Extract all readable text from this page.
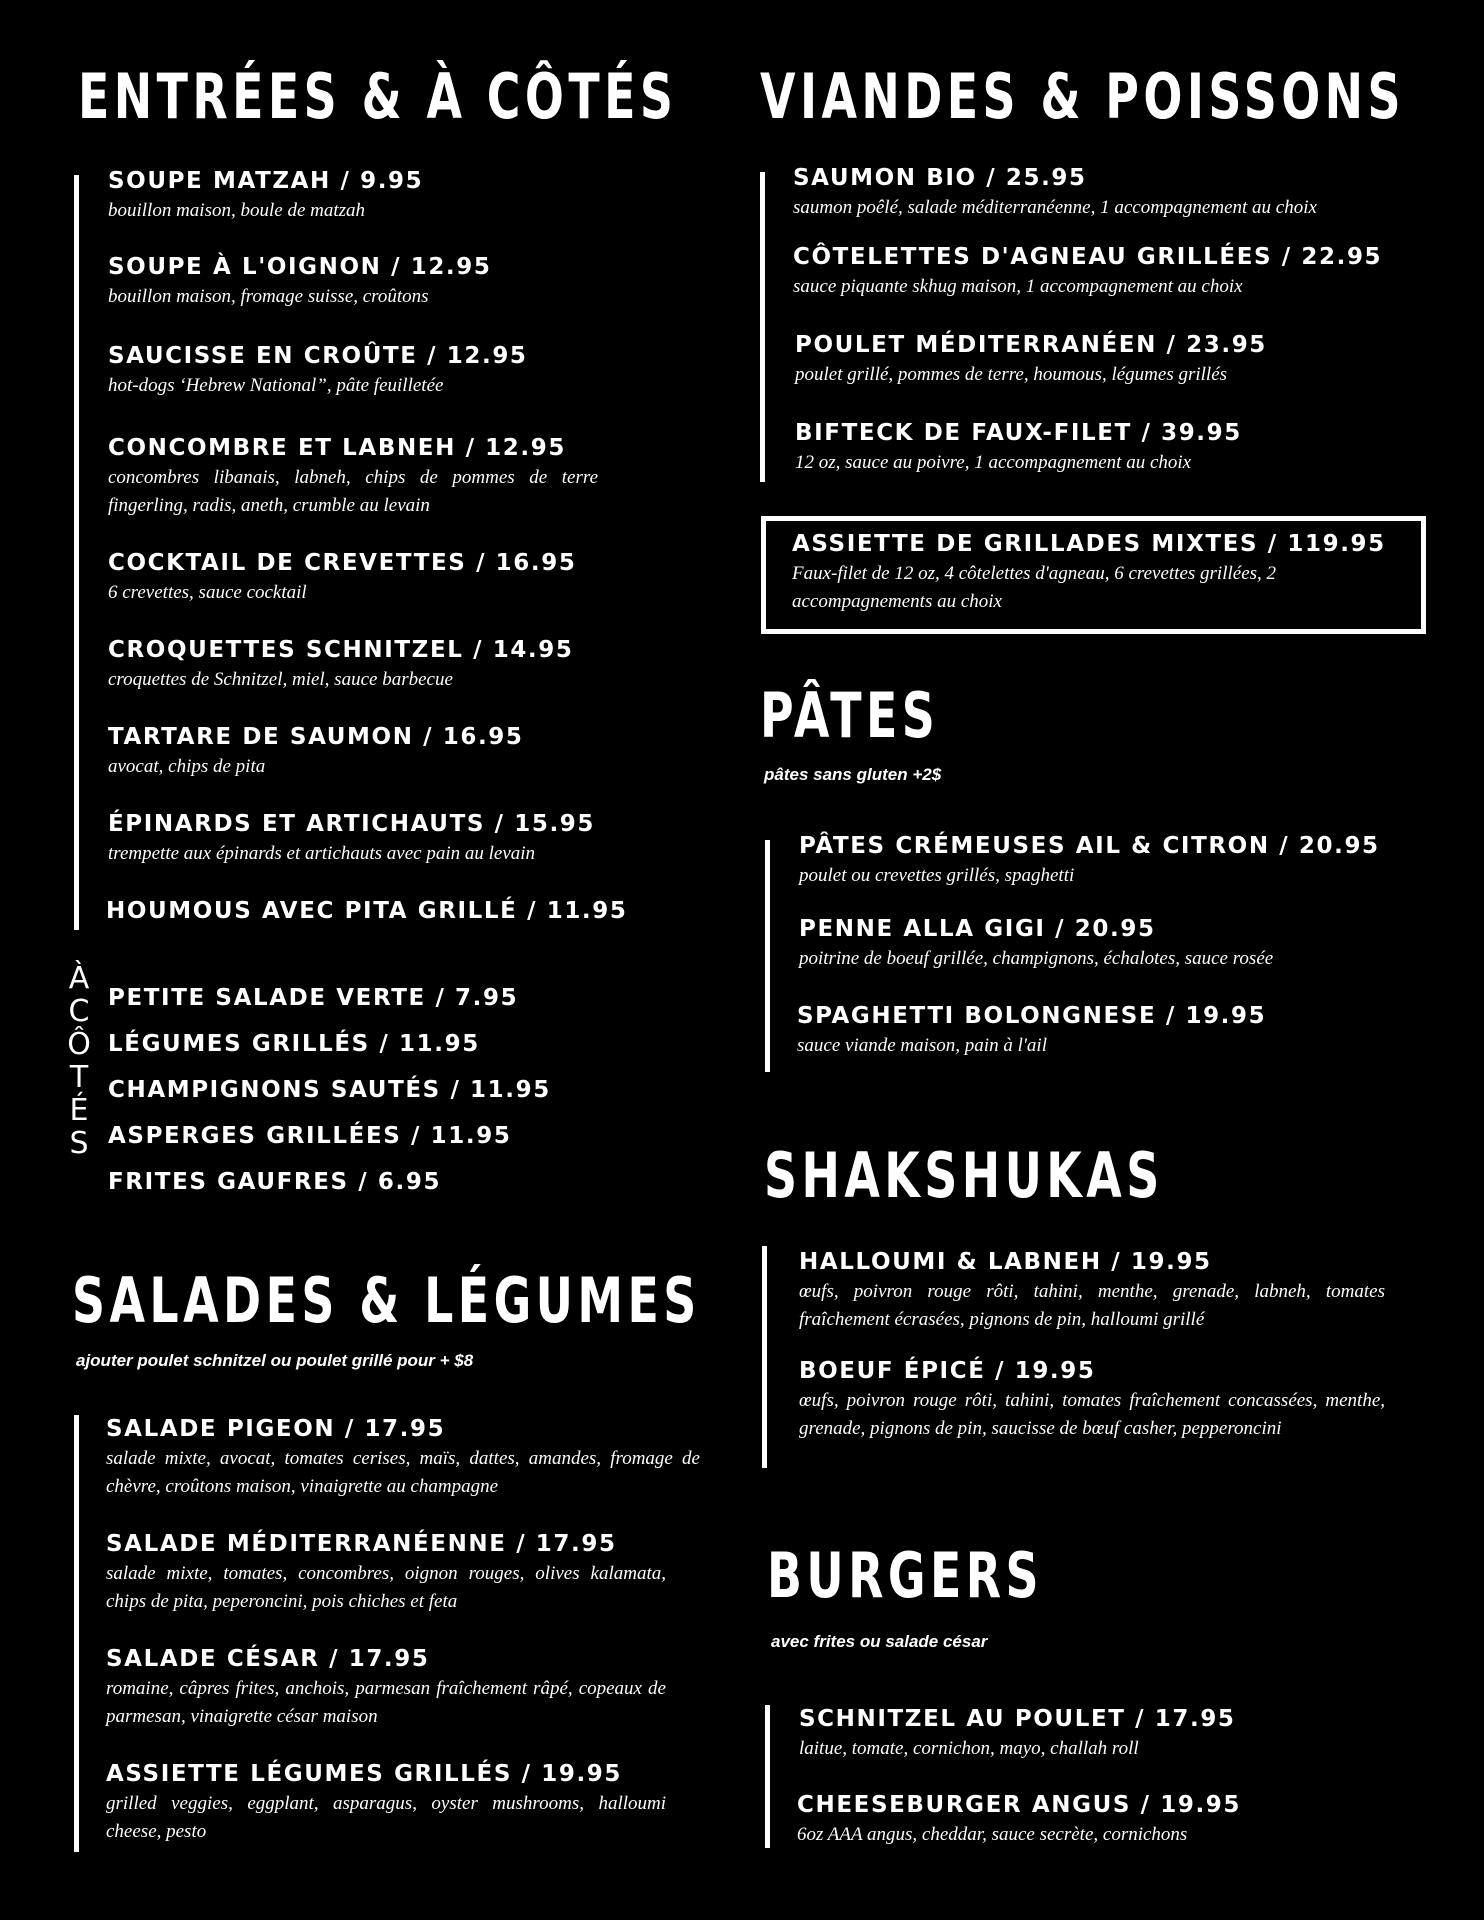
ENTRÉES & À CÔTÉS
SOUPE MATZAH / 9.95
bouillon maison, boule de matzah
SOUPE À L'OIGNON / 12.95
bouillon maison, fromage suisse, croûtons
SAUCISSE EN CROÛTE / 12.95
hot-dogs ‘Hebrew National”, pâte feuilletée
CONCOMBRE ET LABNEH / 12.95
concombres libanais, labneh, chips de pommes de terre fingerling, radis, aneth, crumble au levain
COCKTAIL DE CREVETTES / 16.95
6 crevettes, sauce cocktail
CROQUETTES SCHNITZEL / 14.95
croquettes de Schnitzel, miel, sauce barbecue
TARTARE DE SAUMON / 16.95
avocat, chips de pita
ÉPINARDS ET ARTICHAUTS / 15.95
trempette aux épinards et artichauts avec pain au levain
HOUMOUS AVEC PITA GRILLÉ / 11.95
À
C
Ô
T
É
S
PETITE SALADE VERTE / 7.95
LÉGUMES GRILLÉS / 11.95
CHAMPIGNONS SAUTÉS / 11.95
ASPERGES GRILLÉES / 11.95
FRITES GAUFRES / 6.95
SALADES & LÉGUMES

ajouter poulet schnitzel ou poulet grillé pour + $8

SALADE PIGEON / 17.95
salade mixte, avocat, tomates cerises, maïs, dattes, amandes, fromage de chèvre, croûtons maison, vinaigrette au champagne
SALADE MÉDITERRANÉENNE / 17.95
salade mixte, tomates, concombres, oignon rouges, olives kalamata, chips de pita, peperoncini, pois chiches et feta
SALADE CÉSAR / 17.95
romaine, câpres frites, anchois, parmesan fraîchement râpé, copeaux de parmesan, vinaigrette césar maison
ASSIETTE LÉGUMES GRILLÉS / 19.95
grilled veggies, eggplant, asparagus, oyster mushrooms, halloumi cheese, pesto
VIANDES & POISSONS
SAUMON BIO / 25.95
saumon poêlé, salade méditerranéenne, 1 accompagnement au choix
CÔTELETTES D'AGNEAU GRILLÉES / 22.95
sauce piquante skhug maison, 1 accompagnement au choix
POULET MÉDITERRANÉEN / 23.95
poulet grillé, pommes de terre, houmous, légumes grillés
BIFTECK DE FAUX-FILET / 39.95
12 oz, sauce au poivre, 1 accompagnement au choix
ASSIETTE DE GRILLADES MIXTES / 119.95
Faux-filet de 12 oz, 4 côtelettes d'agneau, 6 crevettes grillées, 2 accompagnements au choix
PÂTES

pâtes sans gluten +2$

PÂTES CRÉMEUSES AIL & CITRON / 20.95
poulet ou crevettes grillés, spaghetti
PENNE ALLA GIGI / 20.95
poitrine de boeuf grillée, champignons, échalotes, sauce rosée
SPAGHETTI BOLONGNESE / 19.95
sauce viande maison, pain à l'ail
SHAKSHUKAS
HALLOUMI & LABNEH / 19.95
œufs, poivron rouge rôti, tahini, menthe, grenade, labneh, tomates fraîchement écrasées, pignons de pin, halloumi grillé
BOEUF ÉPICÉ / 19.95
œufs, poivron rouge rôti, tahini, tomates fraîchement concassées, menthe, grenade, pignons de pin, saucisse de bœuf casher, pepperoncini
BURGERS

avec frites ou salade césar

SCHNITZEL AU POULET / 17.95
laitue, tomate, cornichon, mayo, challah roll
CHEESEBURGER ANGUS / 19.95
6oz AAA angus, cheddar, sauce secrète, cornichons
